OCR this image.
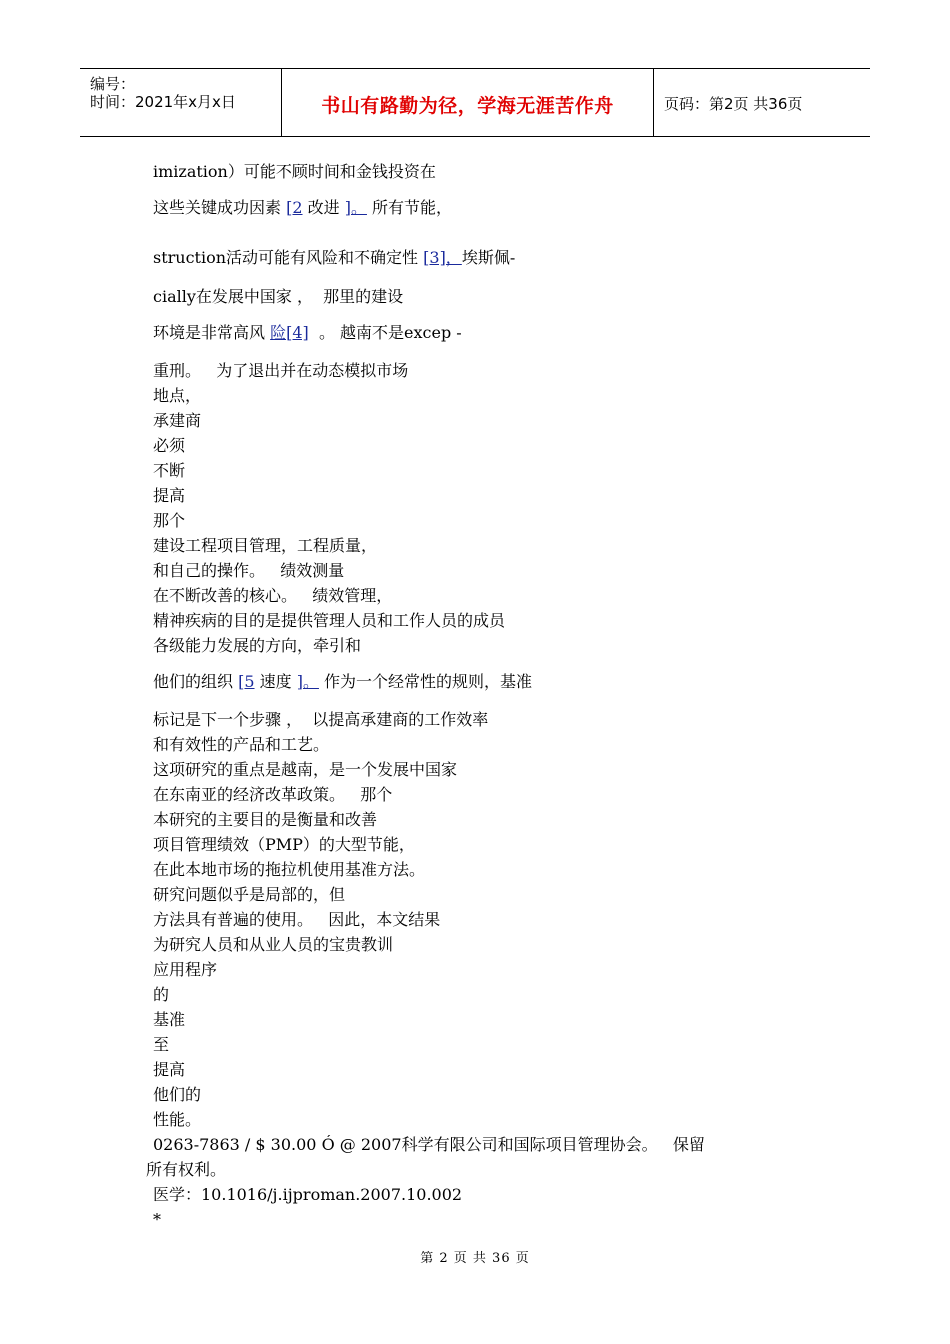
编号：
时间：2021年x月x日	书山有路勤为径，学海无涯苦作舟	页码：第2页 共36页
imization）可能不顾时间和金钱投资在
这些关键成功因素 [2 改进 ]。 所有节能，
struction活动可能有风险和不确定性 [3]，埃斯佩-
cially在发展中国家 ，  那里的建设
环境是非常高风 险[4]  。 越南不是excep -
重刑。   为了退出并在动态模拟市场
地点，
承建商
必须
不断
提高
那个
建设工程项目管理，工程质量，
和自己的操作。   绩效测量
在不断改善的核心。   绩效管理，
精神疾病的目的是提供管理人员和工作人员的成员
各级能力发展的方向，牵引和
他们的组织 [5 速度 ]。 作为一个经常性的规则，基准
标记是下一个步骤 ，  以提高承建商的工作效率
和有效性的产品和工艺。
这项研究的重点是越南，是一个发展中国家
在东南亚的经济改革政策。   那个
本研究的主要目的是衡量和改善
项目管理绩效（PMP）的大型节能，
在此本地市场的拖拉机使用基准方法。
研究问题似乎是局部的，但
方法具有普遍的使用。   因此，本文结果
为研究人员和从业人员的宝贵教训
应用程序
的
基准
至
提高
他们的
性能。
0263-7863 / $ 30.00 Ó @ 2007科学有限公司和国际项目管理协会。   保留
所有权利。
医学：10.1016/j.ijproman.2007.10.002
*
第 2 页 共 36 页
